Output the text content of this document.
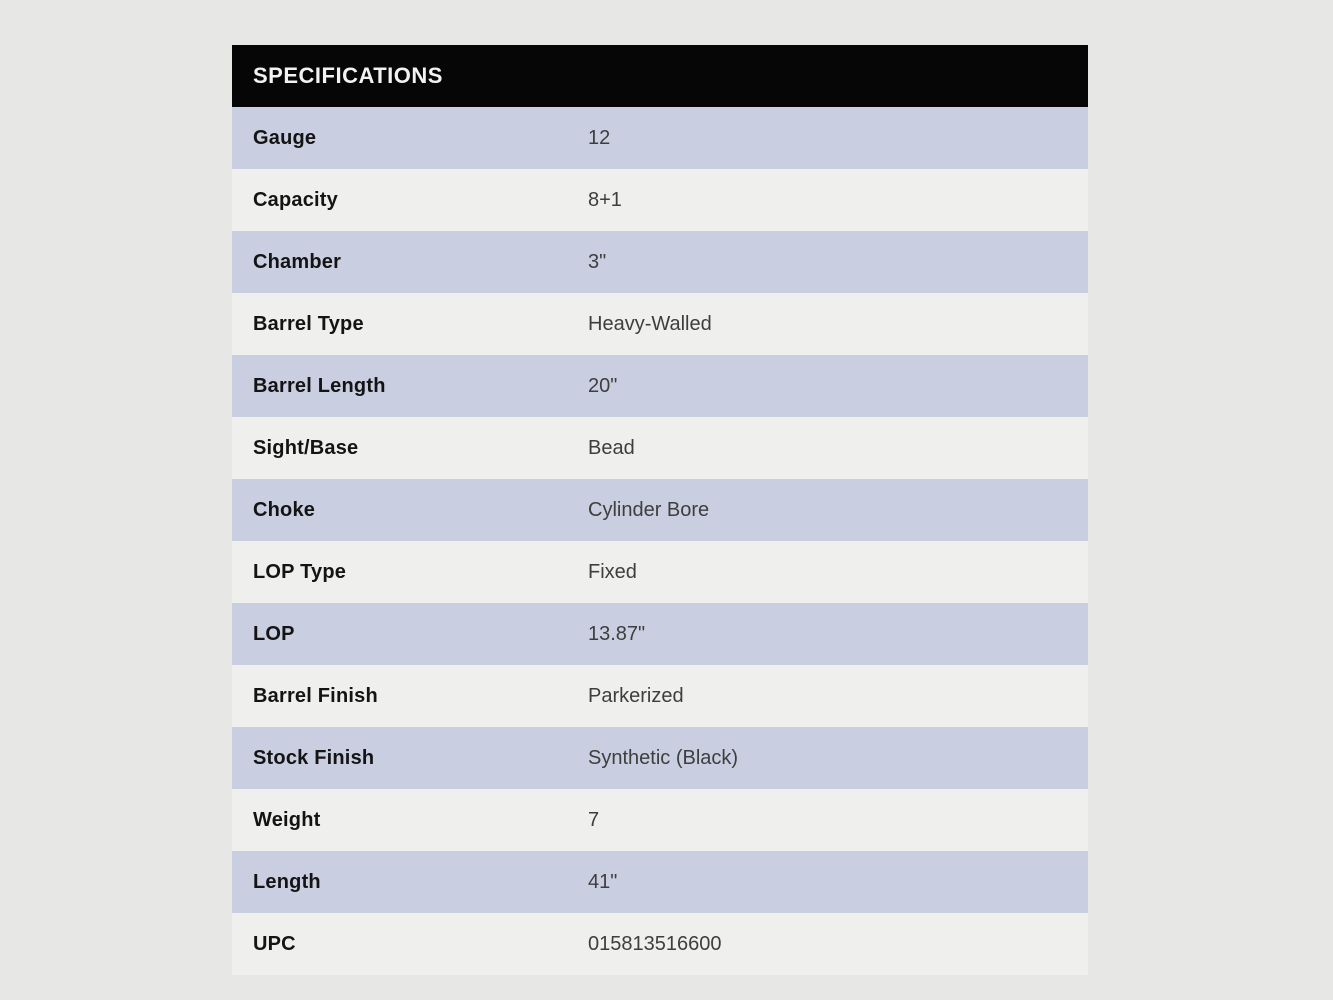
SPECIFICATIONS
Gauge	12
Capacity	8+1
Chamber	3"
Barrel Type	Heavy-Walled
Barrel Length	20"
Sight/Base	Bead
Choke	Cylinder Bore
LOP Type	Fixed
LOP	13.87"
Barrel Finish	Parkerized
Stock Finish	Synthetic (Black)
Weight	7
Length	41"
UPC	015813516600
